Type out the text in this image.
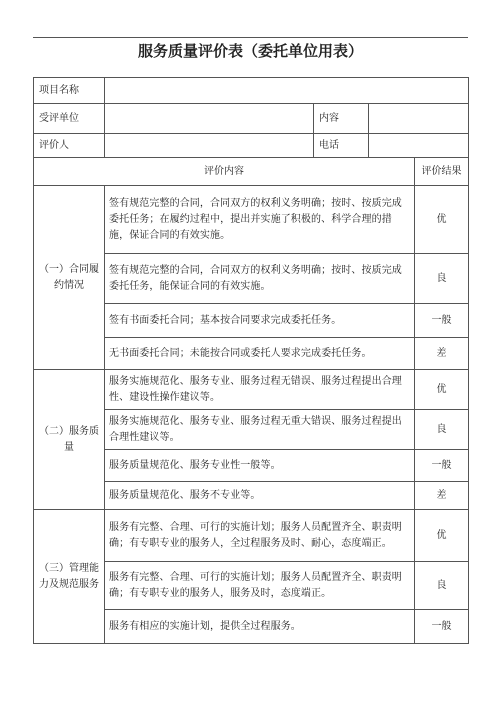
服务质量评价表（委托单位用表）
项目名称				
受评单位		内容		
评价人		电话		
评价内容				评价结果
（一）合同履约情况	签有规范完整的合同，合同双方的权利义务明确；按时、按质完成委托任务；在履约过程中，提出并实施了积极的、科学合理的措施，保证合同的有效实施。			优
	签有规范完整的合同，合同双方的权利义务明确；按时、按质完成委托任务，能保证合同的有效实施。			良
	签有书面委托合同；基本按合同要求完成委托任务。			一般
	无书面委托合同；未能按合同或委托人要求完成委托任务。			差
（二）服务质量	服务实施规范化、服务专业、服务过程无错误、服务过程提出合理性、建设性操作建议等。			优
	服务实施规范化、服务专业、服务过程无重大错误、服务过程提出合理性建议等。			良
	服务质量规范化、服务专业性一般等。			一般
	服务质量规范化、服务不专业等。			差
（三）管理能力及规范服务	服务有完整、合理、可行的实施计划；服务人员配置齐全、职责明确；有专职专业的服务人，全过程服务及时、耐心，态度端正。			优
	服务有完整、合理、可行的实施计划；服务人员配置齐全、职责明确；有专职专业的服务人，服务及时，态度端正。			良
	服务有相应的实施计划，提供全过程服务。			一般
